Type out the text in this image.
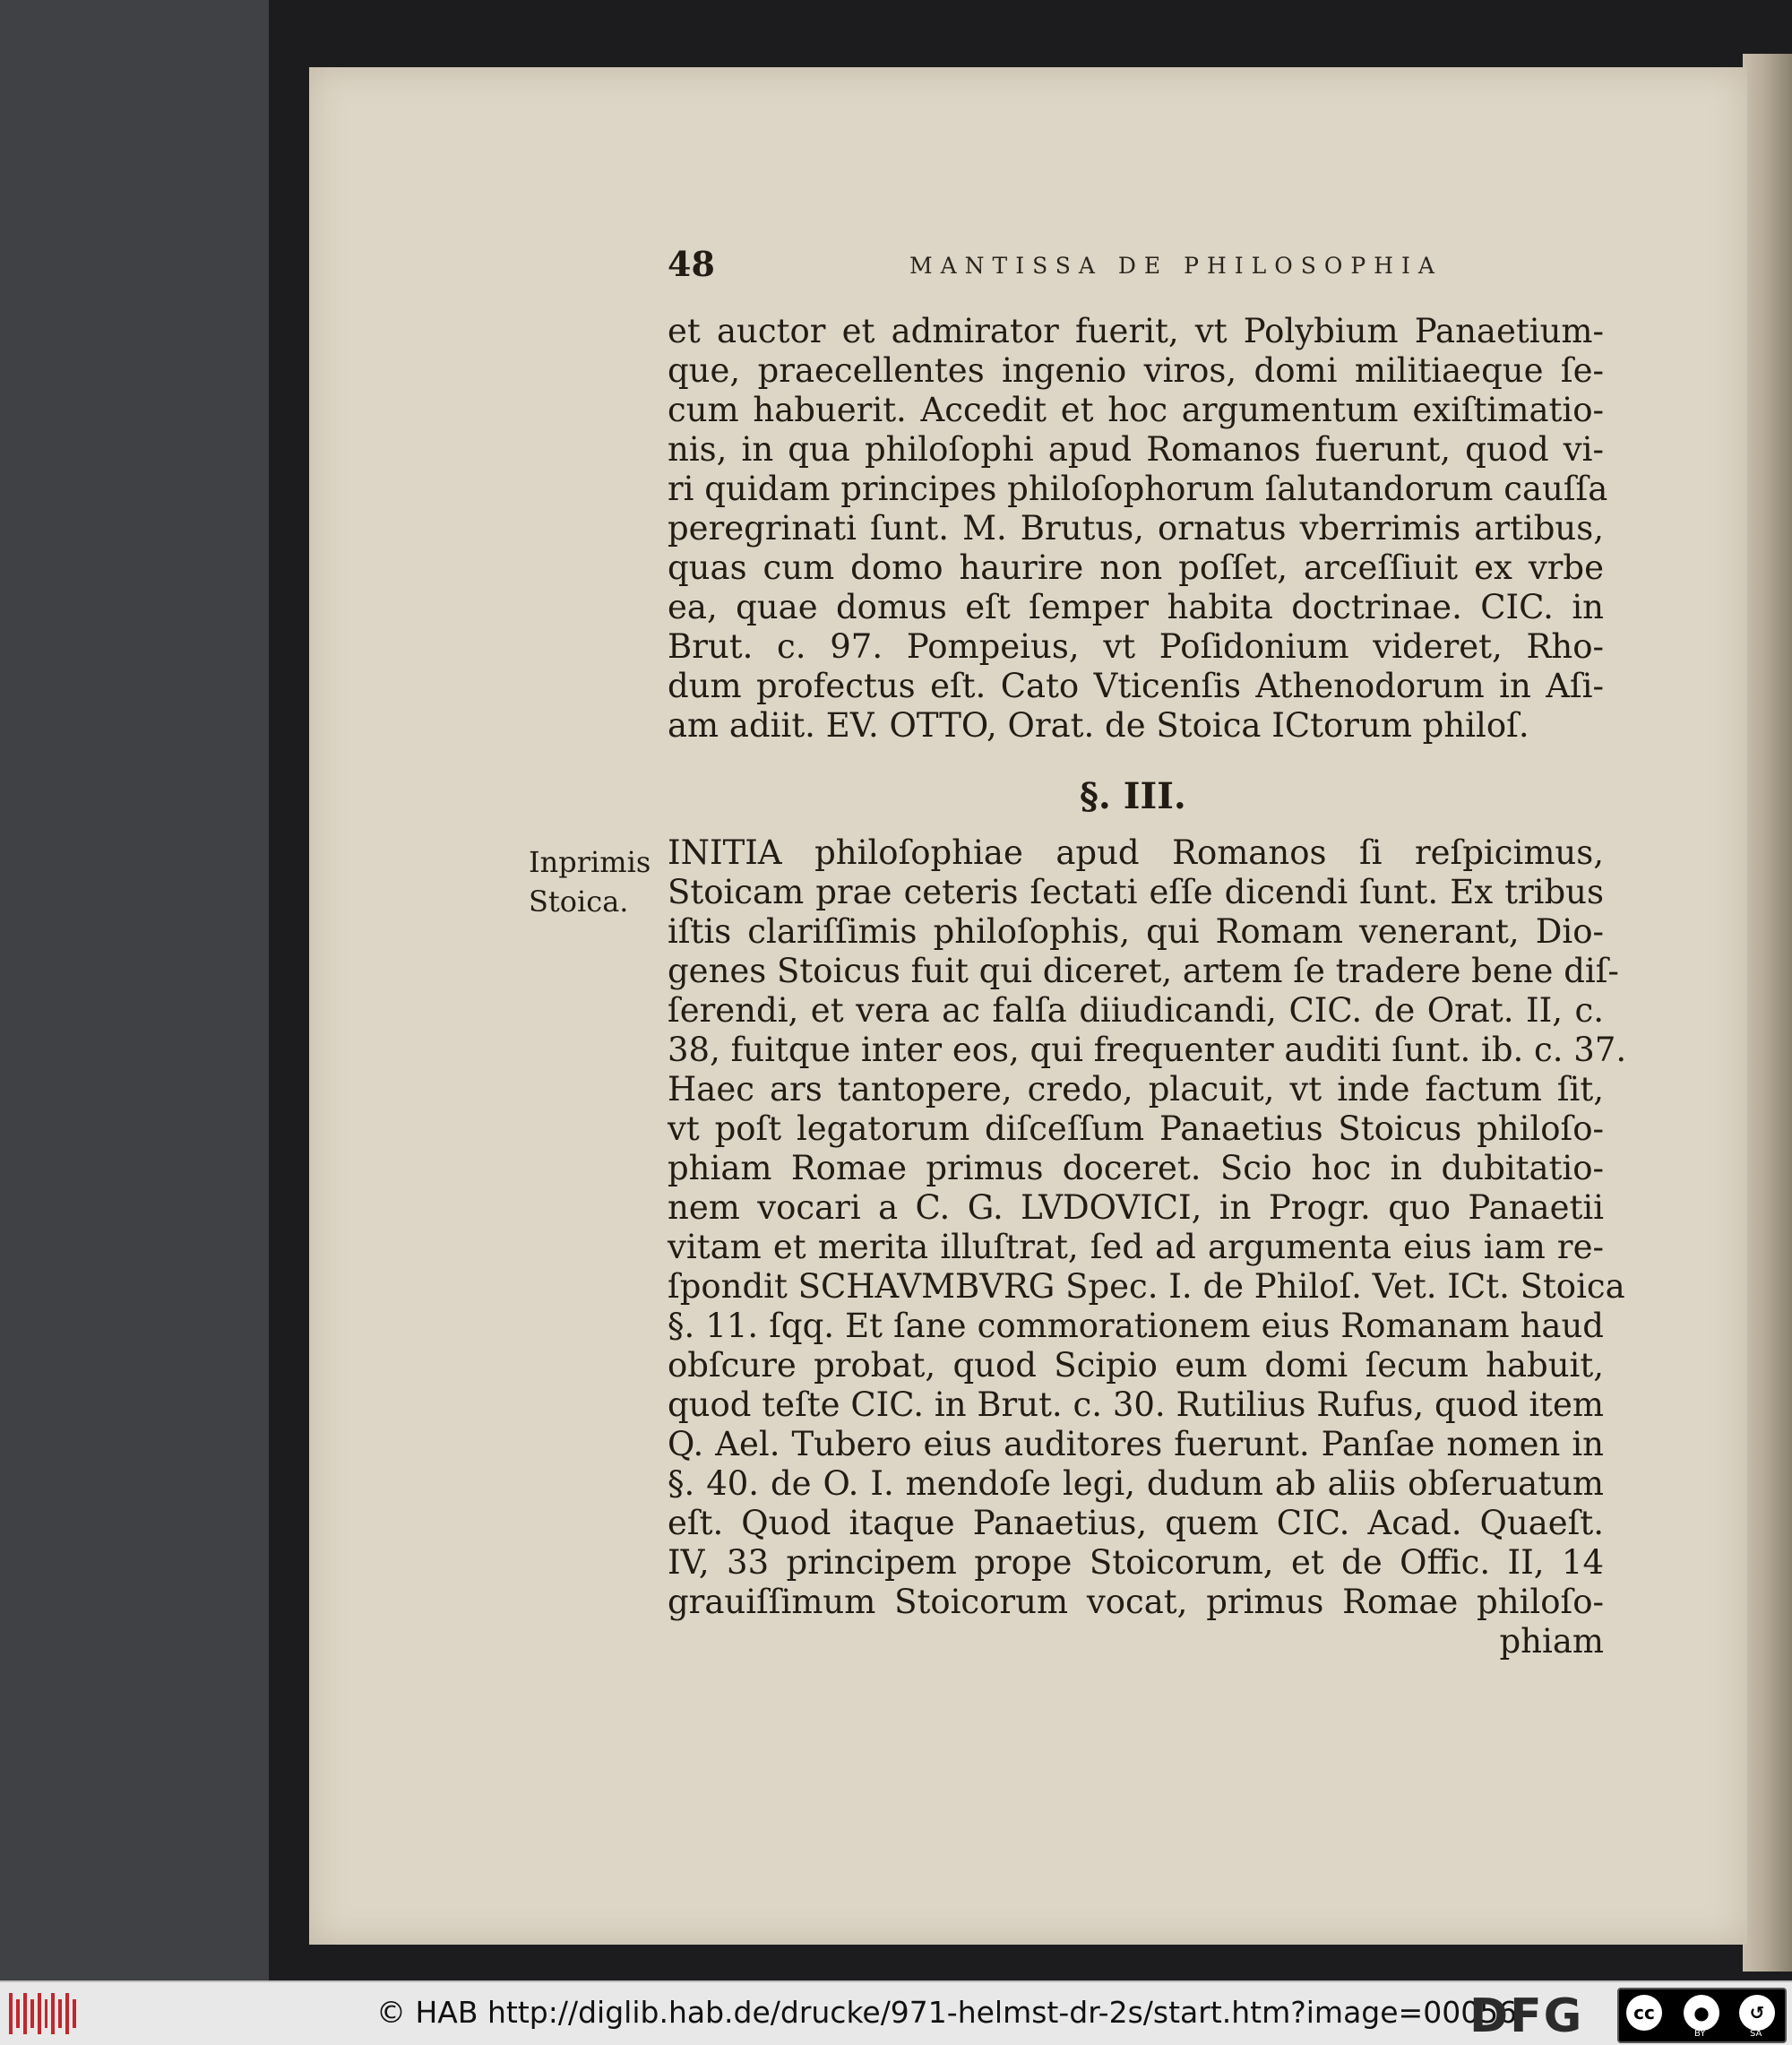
48	MANTISSA DE PHILOSOPHIA
et auctor et admirator fuerit, vt Polybium Panaetium-
que, praecellentes ingenio viros, domi militiaeque ſe-
cum habuerit. Accedit et hoc argumentum exiſtimatio-
nis, in qua philoſophi apud Romanos fuerunt, quod vi-
ri quidam principes philoſophorum ſalutandorum cauſſa
peregrinati ſunt. M. Brutus, ornatus vberrimis artibus,
quas cum domo haurire non poſſet, arceſſiuit ex vrbe
ea, quae domus eſt ſemper habita doctrinae. CIC. in
Brut. c. 97. Pompeius, vt Poſidonium videret, Rho-
dum profectus eſt. Cato Vticenſis Athenodorum in Aſi-
am adiit. EV. OTTO, Orat. de Stoica ICtorum philoſ.
§. III.
Inprimis
Stoica.
INITIA philoſophiae apud Romanos ſi reſpicimus,
Stoicam prae ceteris ſectati eſſe dicendi ſunt. Ex tribus
iſtis clariſſimis philoſophis, qui Romam venerant, Dio-
genes Stoicus fuit qui diceret, artem ſe tradere bene diſ-
ſerendi, et vera ac falſa diiudicandi, CIC. de Orat. II, c.
38, fuitque inter eos, qui frequenter auditi ſunt. ib. c. 37.
Haec ars tantopere, credo, placuit, vt inde factum ſit,
vt poſt legatorum diſceſſum Panaetius Stoicus philoſo-
phiam Romae primus doceret. Scio hoc in dubitatio-
nem vocari a C. G. LVDOVICI, in Progr. quo Panaetii
vitam et merita illuſtrat, ſed ad argumenta eius iam re-
ſpondit SCHAVMBVRG Spec. I. de Philoſ. Vet. ICt. Stoica
§. 11. ſqq. Et ſane commorationem eius Romanam haud
obſcure probat, quod Scipio eum domi ſecum habuit,
quod teſte CIC. in Brut. c. 30. Rutilius Rufus, quod item
Q. Ael. Tubero eius auditores fuerunt. Panſae nomen in
§. 40. de O. I. mendoſe legi, dudum ab aliis obſeruatum
eſt. Quod itaque Panaetius, quem CIC. Acad. Quaeſt.
IV, 33 principem prope Stoicorum, et de Offic. II, 14
grauiſſimum Stoicorum vocat, primus Romae philoſo-
phiam
© HAB http://diglib.hab.de/drucke/971-helmst-dr-2s/start.htm?image=00056
DFG	cc	●	↺
BY	SA
